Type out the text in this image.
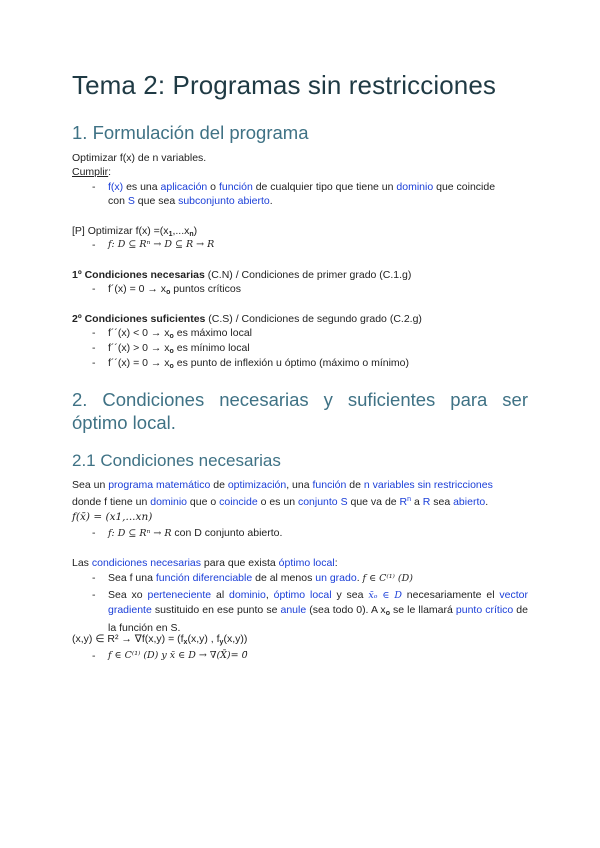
Tema 2: Programas sin restricciones
1. Formulación del programa
Optimizar f(x) de n variables.
Cumplir:
- f(x) es una aplicación o función de cualquier tipo que tiene un dominio que coincide
con S que sea subconjunto abierto.
[P] Optimizar $f(x) =(x_1,...x_n)$
- f: D ⊆ Rⁿ → D ⊆ R → R
1º Condiciones necesarias (C.N) / Condiciones de primer grado (C.1.g)
- f´(x) = $0 \to x_o$ puntos críticos
2º Condiciones suficientes (C.S) / Condiciones de segundo grado (C.2.g)
- f´´(x) < $0 \to x_o$ es máximo local
- f´´(x) > $0 \to x_o$ es mínimo local
- f´´(x) = $0 \to x_o$ es punto de inflexión u óptimo (máximo o mínimo)
2. Condiciones necesarias y suficientes para ser óptimo local.
2.1 Condiciones necesarias
Sea un programa matemático de optimización, una función de n variables sin restricciones
donde f tiene un dominio que o coincide o es un conjunto S que va de $R^n$ a R sea abierto.
f(x̄) = (x1,...xn)
- f: D ⊆ Rⁿ → R con D conjunto abierto.
Las condiciones necesarias para que exista óptimo local:
- Sea f una función diferenciable de al menos un grado. f ∈ C⁽¹⁾ (D)
- Sea xo perteneciente al dominio, óptimo local y sea x̄ₒ ∈ D necesariamente el vector gradiente sustituido en ese punto se anule (sea todo 0). A $x_o$ se le llamará punto crítico de la función en S.
(x,y) ∈ $R^2 \to \nabla f(x,y) = (f_x(x,y)$ , $f_y(x,y)$)
- f ∈ C⁽¹⁾ (D) y x̄ ∈ D → ∇(X̄)= 0̄
